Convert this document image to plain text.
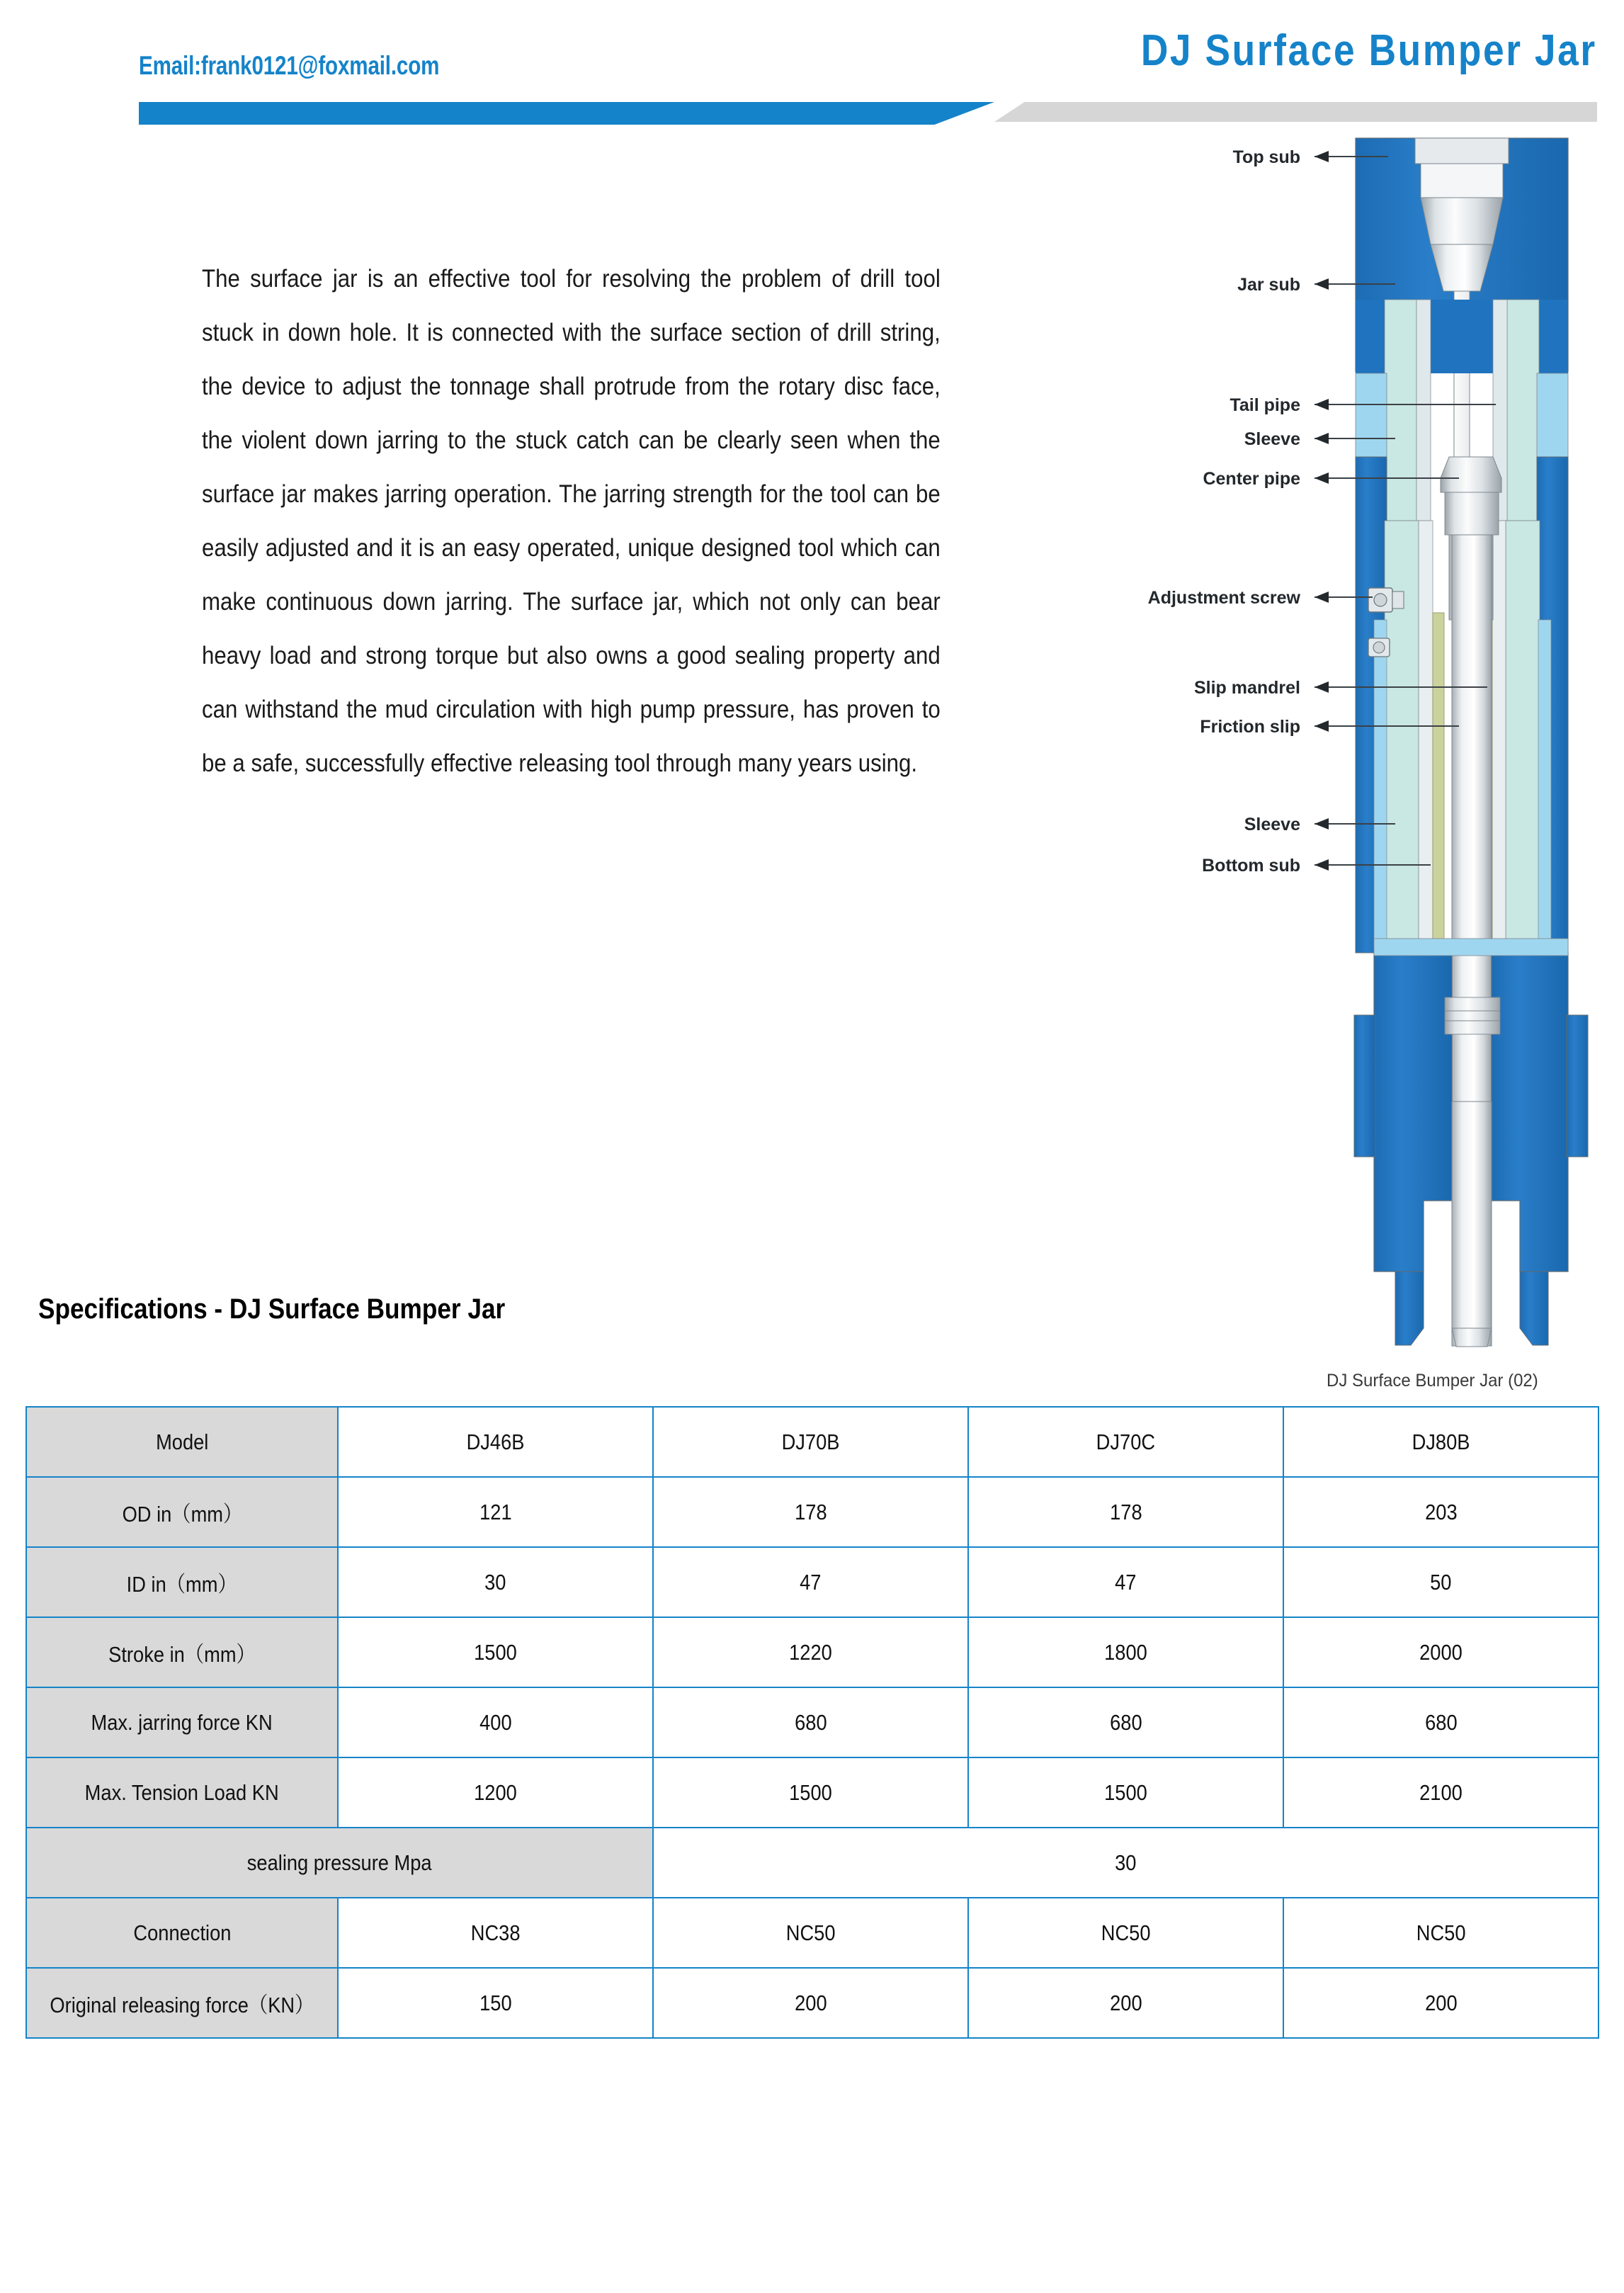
Email:frank0121@foxmail.com	DJ Surface Bumper Jar
The surface jar is an effective tool for resolving the problem of drill tool stuck in down hole. It is connected with the surface section of drill string, the device to adjust the tonnage shall protrude from the rotary disc face, the violent down jarring to the stuck catch can be clearly seen when the surface jar makes jarring operation. The jarring strength for the tool can be easily adjusted and it is an easy operated, unique designed tool which can make continuous down jarring. The surface jar, which not only can bear heavy load and strong torque but also owns a good sealing property and can withstand the mud circulation with high pump pressure, has proven to be a safe, successfully effective releasing tool through many years using.
Top sub
Jar sub
Tail pipe
Sleeve
Center pipe
Adjustment screw
Slip mandrel
Friction slip
Sleeve
Bottom sub
DJ Surface Bumper Jar (02)
Specifications - DJ Surface Bumper Jar
Model	DJ46B	DJ70B	DJ70C	DJ80B
OD in（mm）	121	178	178	203
ID in（mm）	30	47	47	50
Stroke in（mm）	1500	1220	1800	2000
Max. jarring force KN	400	680	680	680
Max. Tension Load KN	1200	1500	1500	2100
sealing pressure Mpa		30		
Connection	NC38	NC50	NC50	NC50
Original releasing force（KN）	150	200	200	200
